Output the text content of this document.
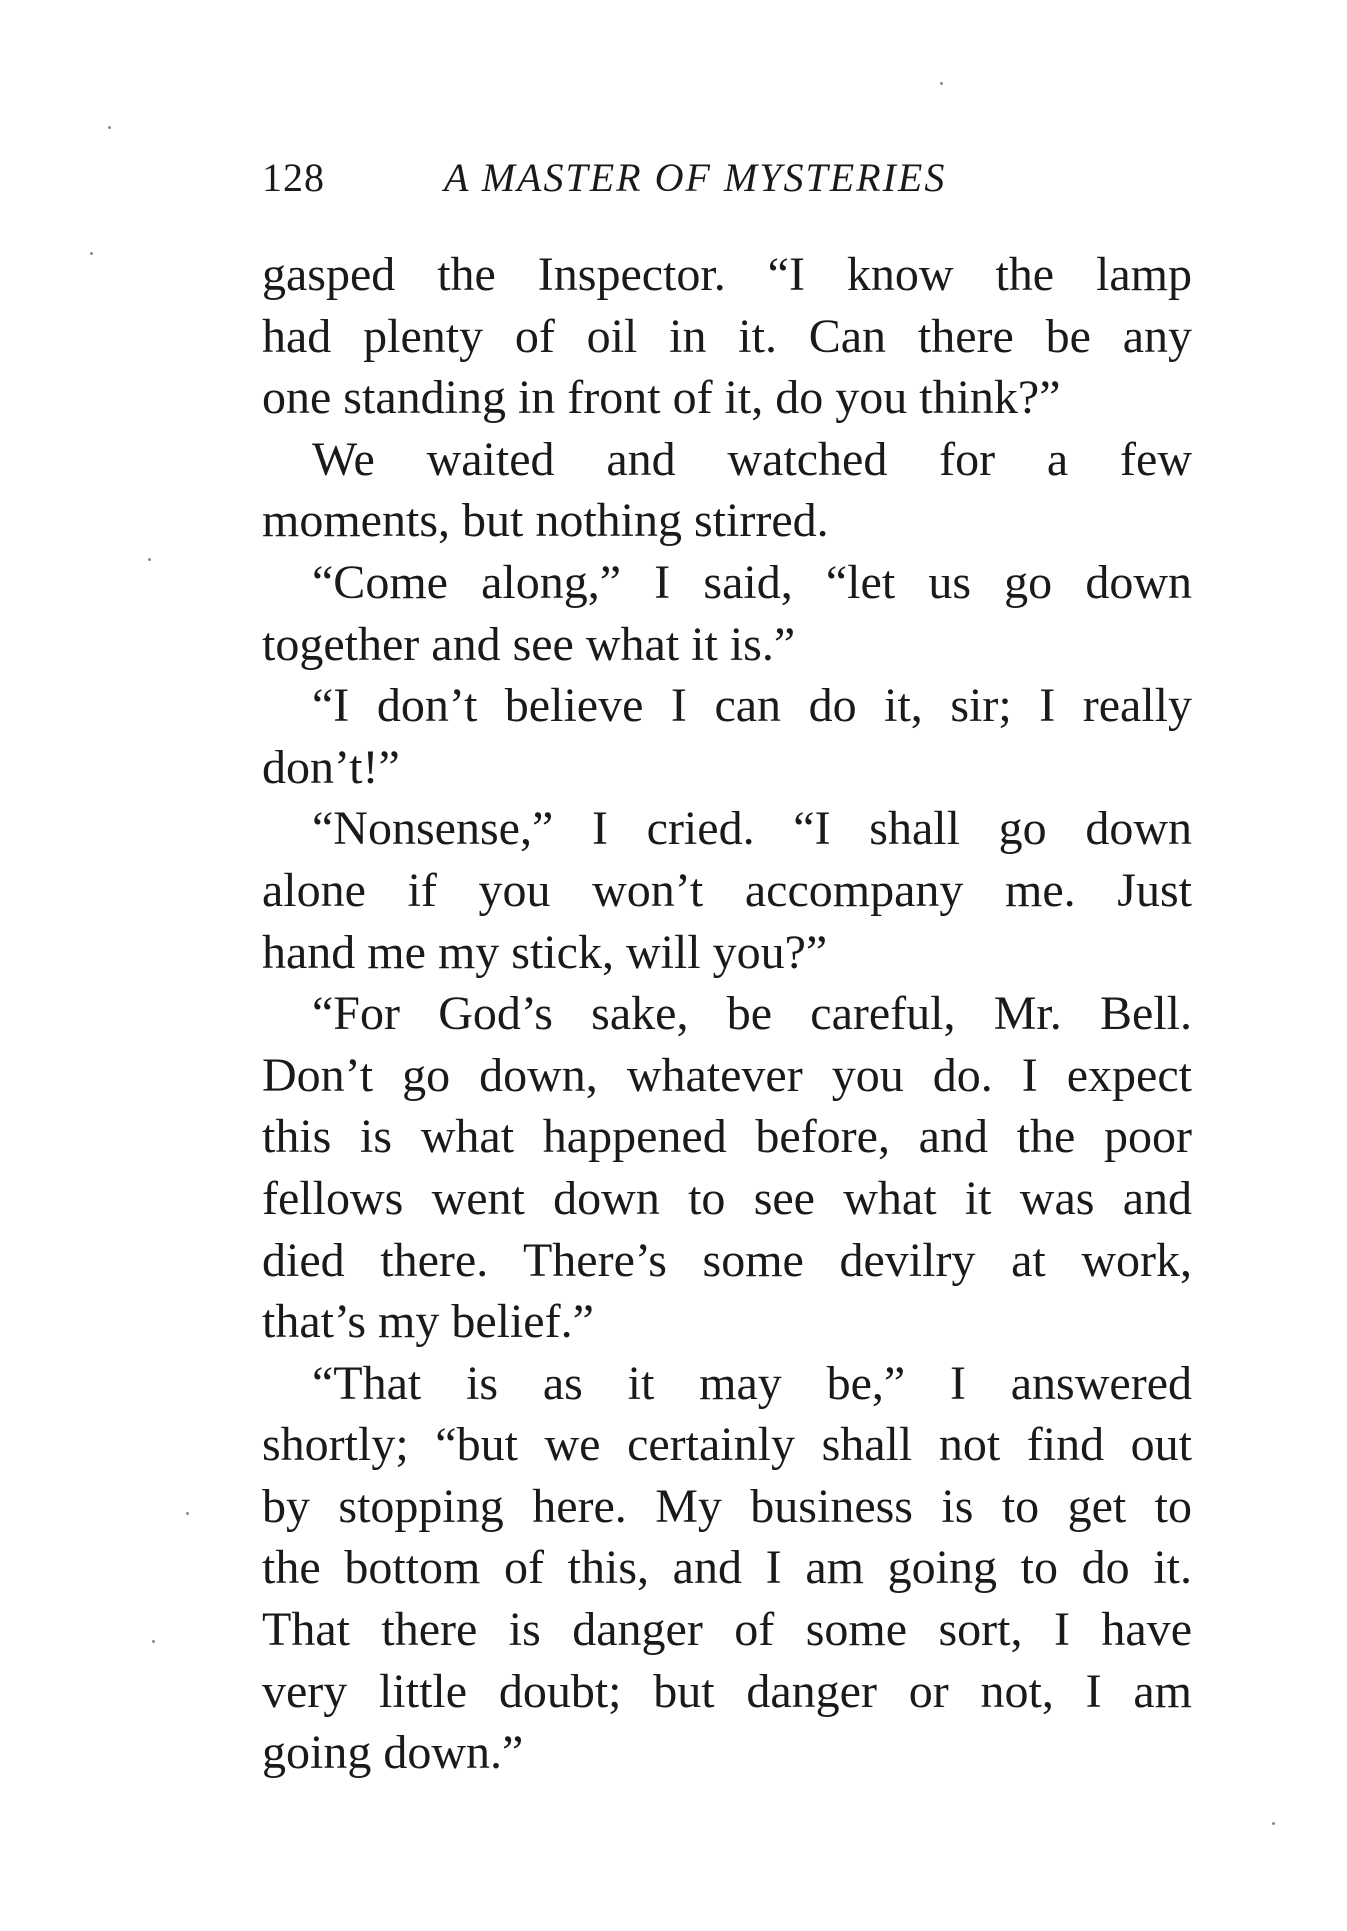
128	A MASTER OF MYSTERIES
gasped the Inspector. “I know the lamp
had plenty of oil in it. Can there be any
one standing in front of it, do you think?”
We waited and watched for a few
moments, but nothing stirred.
“Come along,” I said, “let us go down
together and see what it is.”
“I don’t believe I can do it, sir; I really
don’t!”
“Nonsense,” I cried. “I shall go down
alone if you won’t accompany me. Just
hand me my stick, will you?”
“For God’s sake, be careful, Mr. Bell.
Don’t go down, whatever you do. I expect
this is what happened before, and the poor
fellows went down to see what it was and
died there. There’s some devilry at work,
that’s my belief.”
“That is as it may be,” I answered
shortly; “but we certainly shall not find out
by stopping here. My business is to get to
the bottom of this, and I am going to do it.
That there is danger of some sort, I have
very little doubt; but danger or not, I am
going down.”
